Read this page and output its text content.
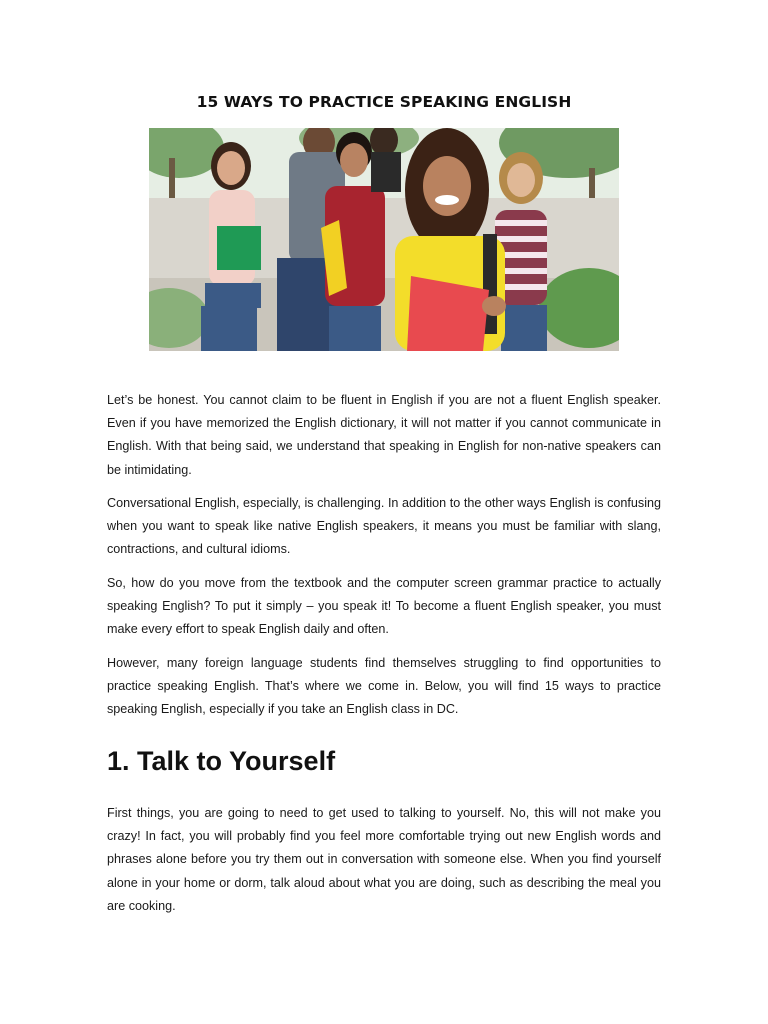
15 WAYS TO PRACTICE SPEAKING ENGLISH

Let’s be honest. You cannot claim to be fluent in English if you are not a fluent English speaker. Even if you have memorized the English dictionary, it will not matter if you cannot communicate in English. With that being said, we understand that speaking in English for non-native speakers can be intimidating.

Conversational English, especially, is challenging. In addition to the other ways English is confusing when you want to speak like native English speakers, it means you must be familiar with slang, contractions, and cultural idioms.

So, how do you move from the textbook and the computer screen grammar practice to actually speaking English? To put it simply – you speak it! To become a fluent English speaker, you must make every effort to speak English daily and often.

However, many foreign language students find themselves struggling to find opportunities to practice speaking English. That’s where we come in. Below, you will find 15 ways to practice speaking English, especially if you take an English class in DC.

1. Talk to Yourself

First things, you are going to need to get used to talking to yourself. No, this will not make you crazy! In fact, you will probably find you feel more comfortable trying out new English words and phrases alone before you try them out in conversation with someone else. When you find yourself alone in your home or dorm, talk aloud about what you are doing, such as describing the meal you are cooking.
